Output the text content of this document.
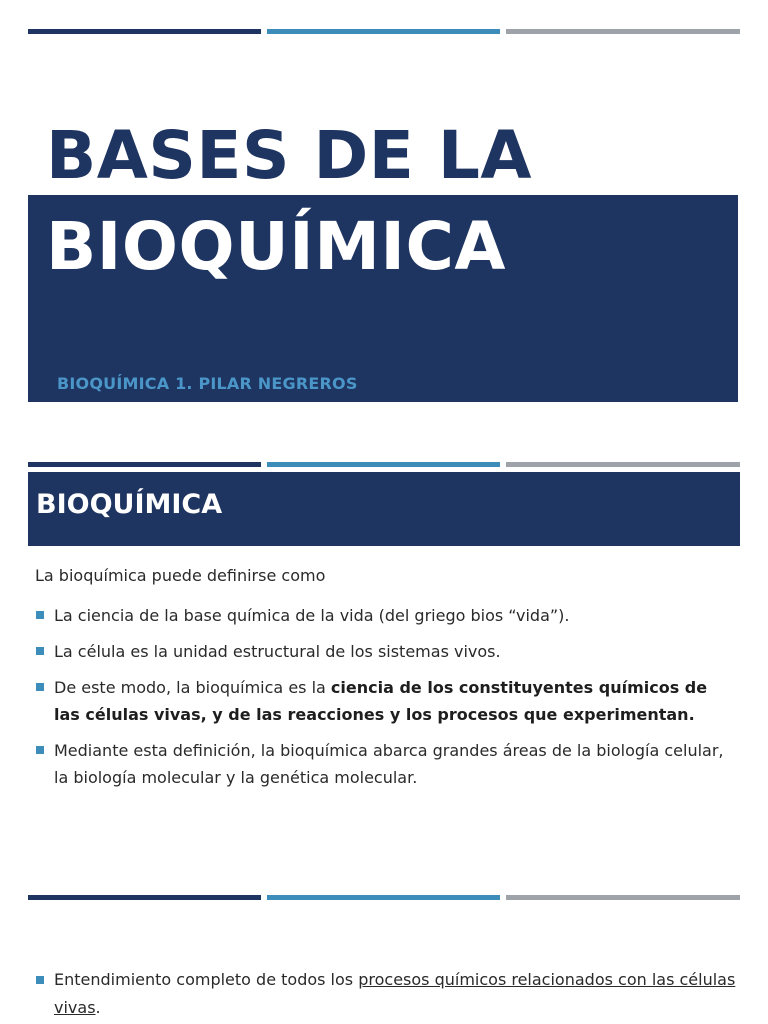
BASES DE LA
BIOQUÍMICA

BIOQUÍMICA 1. PILAR NEGREROS

BIOQUÍMICA

La bioquímica puede definirse como

La ciencia de la base química de la vida (del griego bios “vida”).
La célula es la unidad estructural de los sistemas vivos.
De este modo, la bioquímica es la ciencia de los constituyentes químicos de las células vivas, y de las reacciones y los procesos que experimentan.
Mediante esta definición, la bioquímica abarca grandes áreas de la biología celular, la biología molecular y la genética molecular.

Entendimiento completo de todos los procesos químicos relacionados con las células vivas.
